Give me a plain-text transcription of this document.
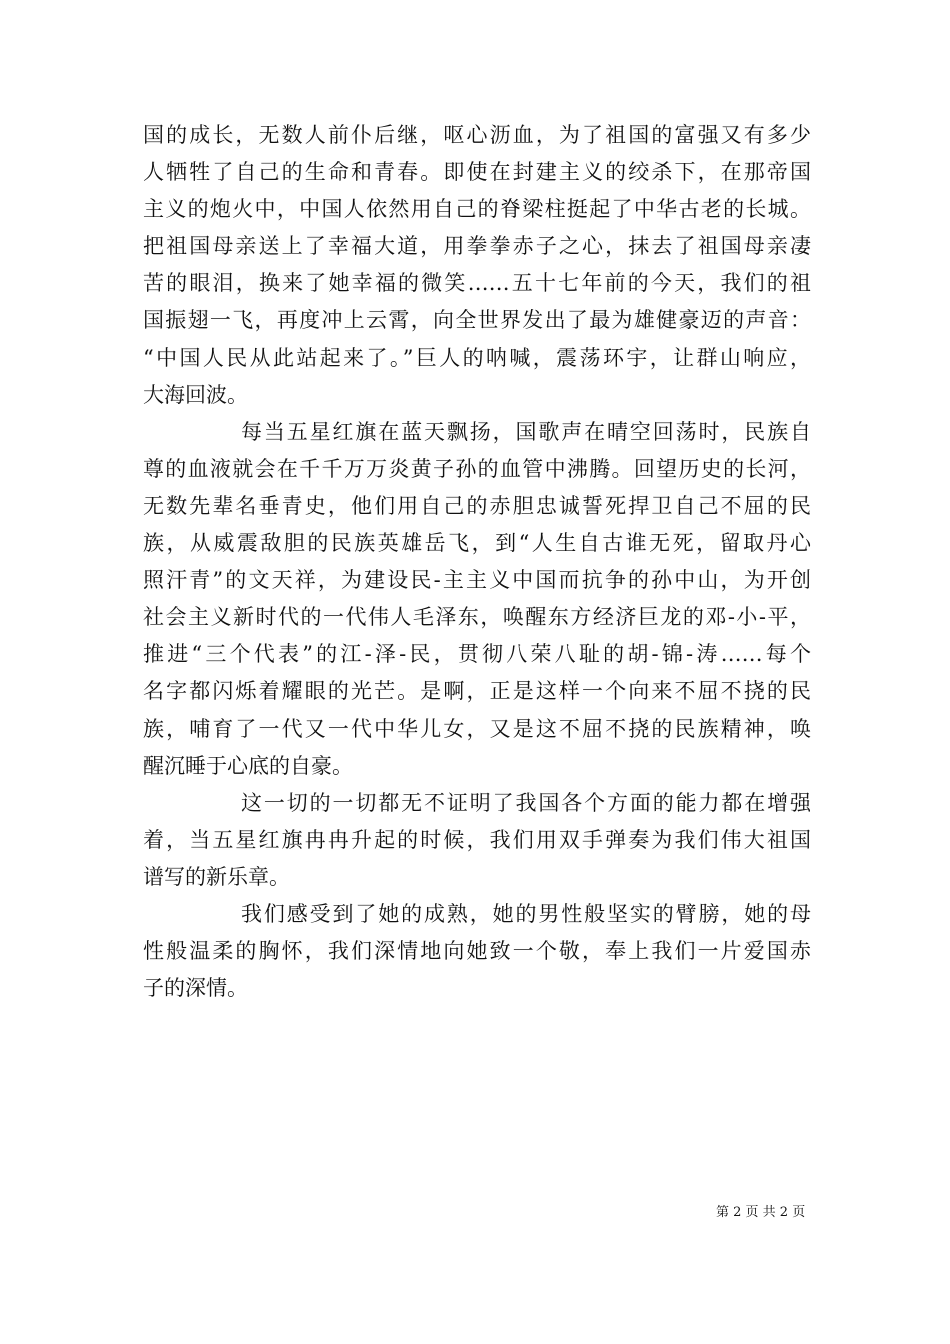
国的成长，无数人前仆后继，呕心沥血，为了祖国的富强又有多少
人牺牲了自己的生命和青春。即使在封建主义的绞杀下，在那帝国
主义的炮火中，中国人依然用自己的脊梁柱挺起了中华古老的长城。
把祖国母亲送上了幸福大道，用拳拳赤子之心，抹去了祖国母亲凄
苦的眼泪，换来了她幸福的微笑……五十七年前的今天，我们的祖
国振翅一飞，再度冲上云霄，向全世界发出了最为雄健豪迈的声音：
“中国人民从此站起来了。”巨人的呐喊，震荡环宇，让群山响应，
大海回波。
每当五星红旗在蓝天飘扬，国歌声在晴空回荡时，民族自
尊的血液就会在千千万万炎黄子孙的血管中沸腾。回望历史的长河，
无数先辈名垂青史，他们用自己的赤胆忠诚誓死捍卫自己不屈的民
族，从威震敌胆的民族英雄岳飞，到“人生自古谁无死，留取丹心
照汗青”的文天祥，为建设民-主主义中国而抗争的孙中山，为开创
社会主义新时代的一代伟人毛泽东，唤醒东方经济巨龙的邓-小-平，
推进“三个代表”的江-泽-民，贯彻八荣八耻的胡-锦-涛……每个
名字都闪烁着耀眼的光芒。是啊，正是这样一个向来不屈不挠的民
族，哺育了一代又一代中华儿女，又是这不屈不挠的民族精神，唤
醒沉睡于心底的自豪。
这一切的一切都无不证明了我国各个方面的能力都在增强
着，当五星红旗冉冉升起的时候，我们用双手弹奏为我们伟大祖国
谱写的新乐章。
我们感受到了她的成熟，她的男性般坚实的臂膀，她的母
性般温柔的胸怀，我们深情地向她致一个敬，奉上我们一片爱国赤
子的深情。
第 2 页 共 2 页
